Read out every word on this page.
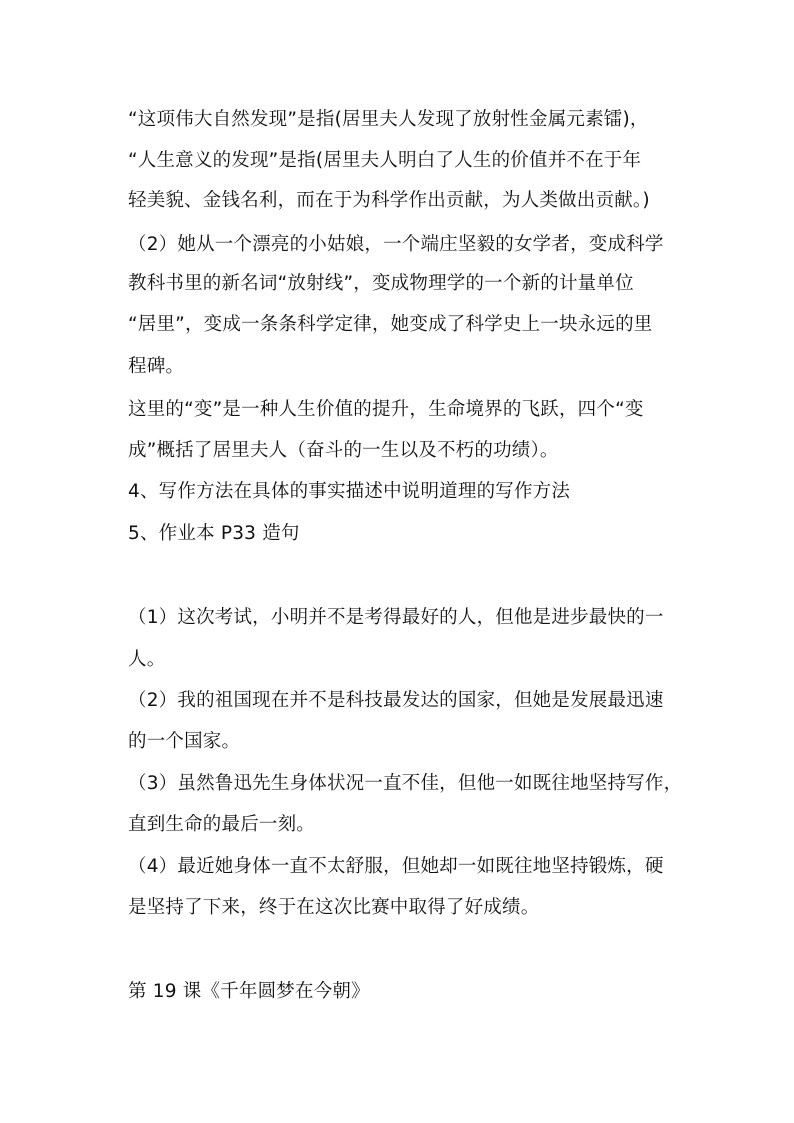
“这项伟大自然发现”是指(居里夫人发现了放射性金属元素镭)，
“人生意义的发现”是指(居里夫人明白了人生的价值并不在于年
轻美貌、金钱名利，而在于为科学作出贡献，为人类做出贡献。)
（2）她从一个漂亮的小姑娘，一个端庄坚毅的女学者，变成科学
教科书里的新名词“放射线”，变成物理学的一个新的计量单位
“居里”，变成一条条科学定律，她变成了科学史上一块永远的里
程碑。
这里的“变”是一种人生价值的提升，生命境界的飞跃，四个“变
成”概括了居里夫人（奋斗的一生以及不朽的功绩）。
4、写作方法在具体的事实描述中说明道理的写作方法
5、作业本 P33 造句
（1）这次考试，小明并不是考得最好的人，但他是进步最快的一
人。
（2）我的祖国现在并不是科技最发达的国家，但她是发展最迅速
的一个国家。
（3）虽然鲁迅先生身体状况一直不佳，但他一如既往地坚持写作，
直到生命的最后一刻。
（4）最近她身体一直不太舒服，但她却一如既往地坚持锻炼，硬
是坚持了下来，终于在这次比赛中取得了好成绩。
第 19 课《千年圆梦在今朝》
